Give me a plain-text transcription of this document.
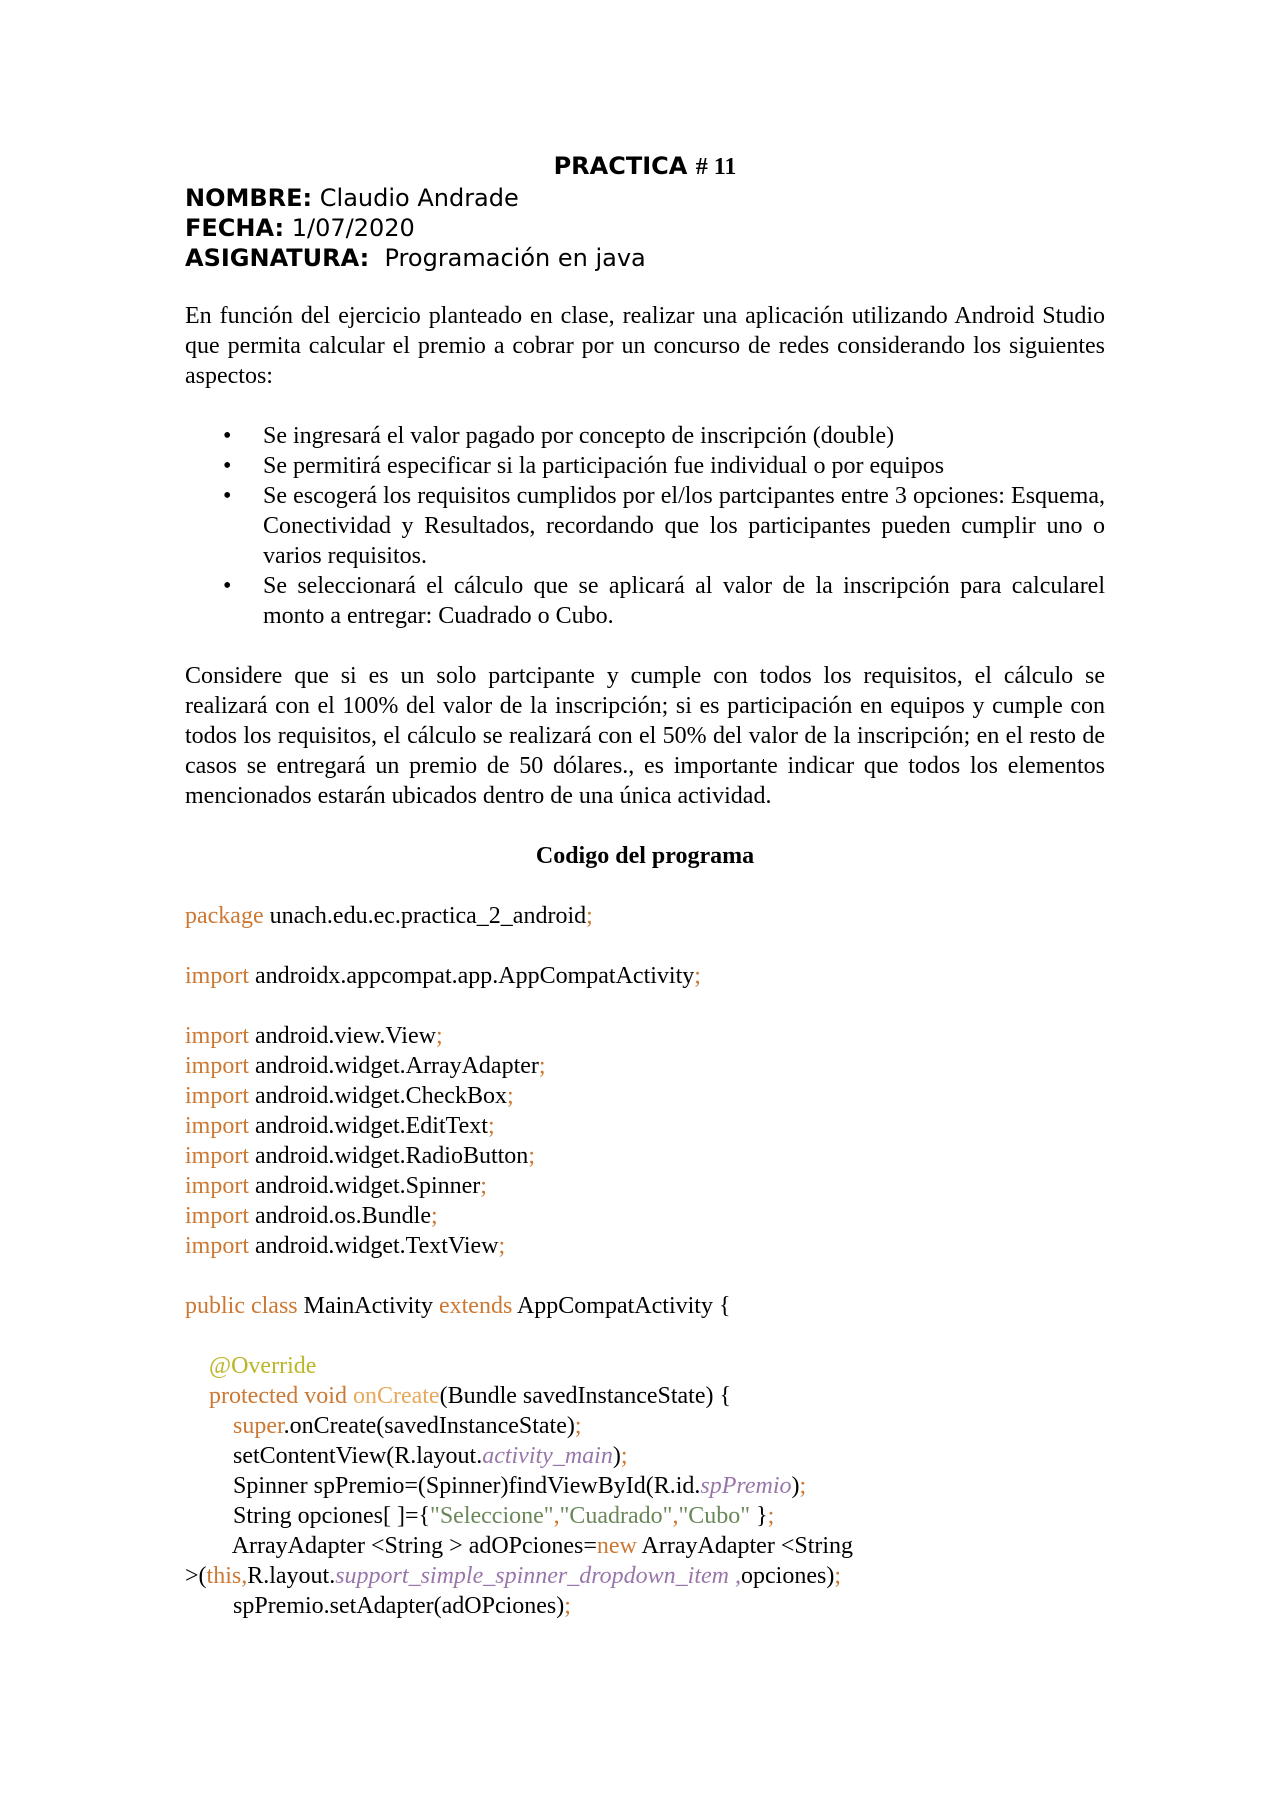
PRACTICA # 11

NOMBRE: Claudio Andrade

FECHA: 1/07/2020

ASIGNATURA:  Programación en java

En función del ejercicio planteado en clase, realizar una aplicación utilizando Android Studio que permita calcular el premio a cobrar por un concurso de redes considerando los siguientes aspectos:

• Se ingresará el valor pagado por concepto de inscripción (double)
• Se permitirá especificar si la participación fue individual o por equipos
• Se escogerá los requisitos cumplidos por el/los partcipantes entre 3 opciones: Esquema, Conectividad y Resultados, recordando que los participantes pueden cumplir uno o varios requisitos.
• Se seleccionará el cálculo que se aplicará al valor de la inscripción para calcularel monto a entregar: Cuadrado o Cubo.

Considere que si es un solo partcipante y cumple con todos los requisitos, el cálculo se realizará con el 100% del valor de la inscripción; si es participación en equipos y cumple con todos los requisitos, el cálculo se realizará con el 50% del valor de la inscripción; en el resto de casos se entregará un premio de 50 dólares., es importante indicar que todos los elementos mencionados estarán ubicados dentro de una única actividad.

Codigo del programa

package unach.edu.ec.practica_2_android;

import androidx.appcompat.app.AppCompatActivity;

import android.view.View;

import android.widget.ArrayAdapter;

import android.widget.CheckBox;

import android.widget.EditText;

import android.widget.RadioButton;

import android.widget.Spinner;

import android.os.Bundle;

import android.widget.TextView;

public class MainActivity extends AppCompatActivity {

@Override

protected void onCreate(Bundle savedInstanceState) {

super.onCreate(savedInstanceState);

setContentView(R.layout.activity_main);

Spinner spPremio=(Spinner)findViewById(R.id.spPremio);

String opciones[ ]={"Seleccione","Cuadrado","Cubo" };

ArrayAdapter <String > adOPciones=new ArrayAdapter <String

>(this,R.layout.support_simple_spinner_dropdown_item ,opciones);

spPremio.setAdapter(adOPciones);
